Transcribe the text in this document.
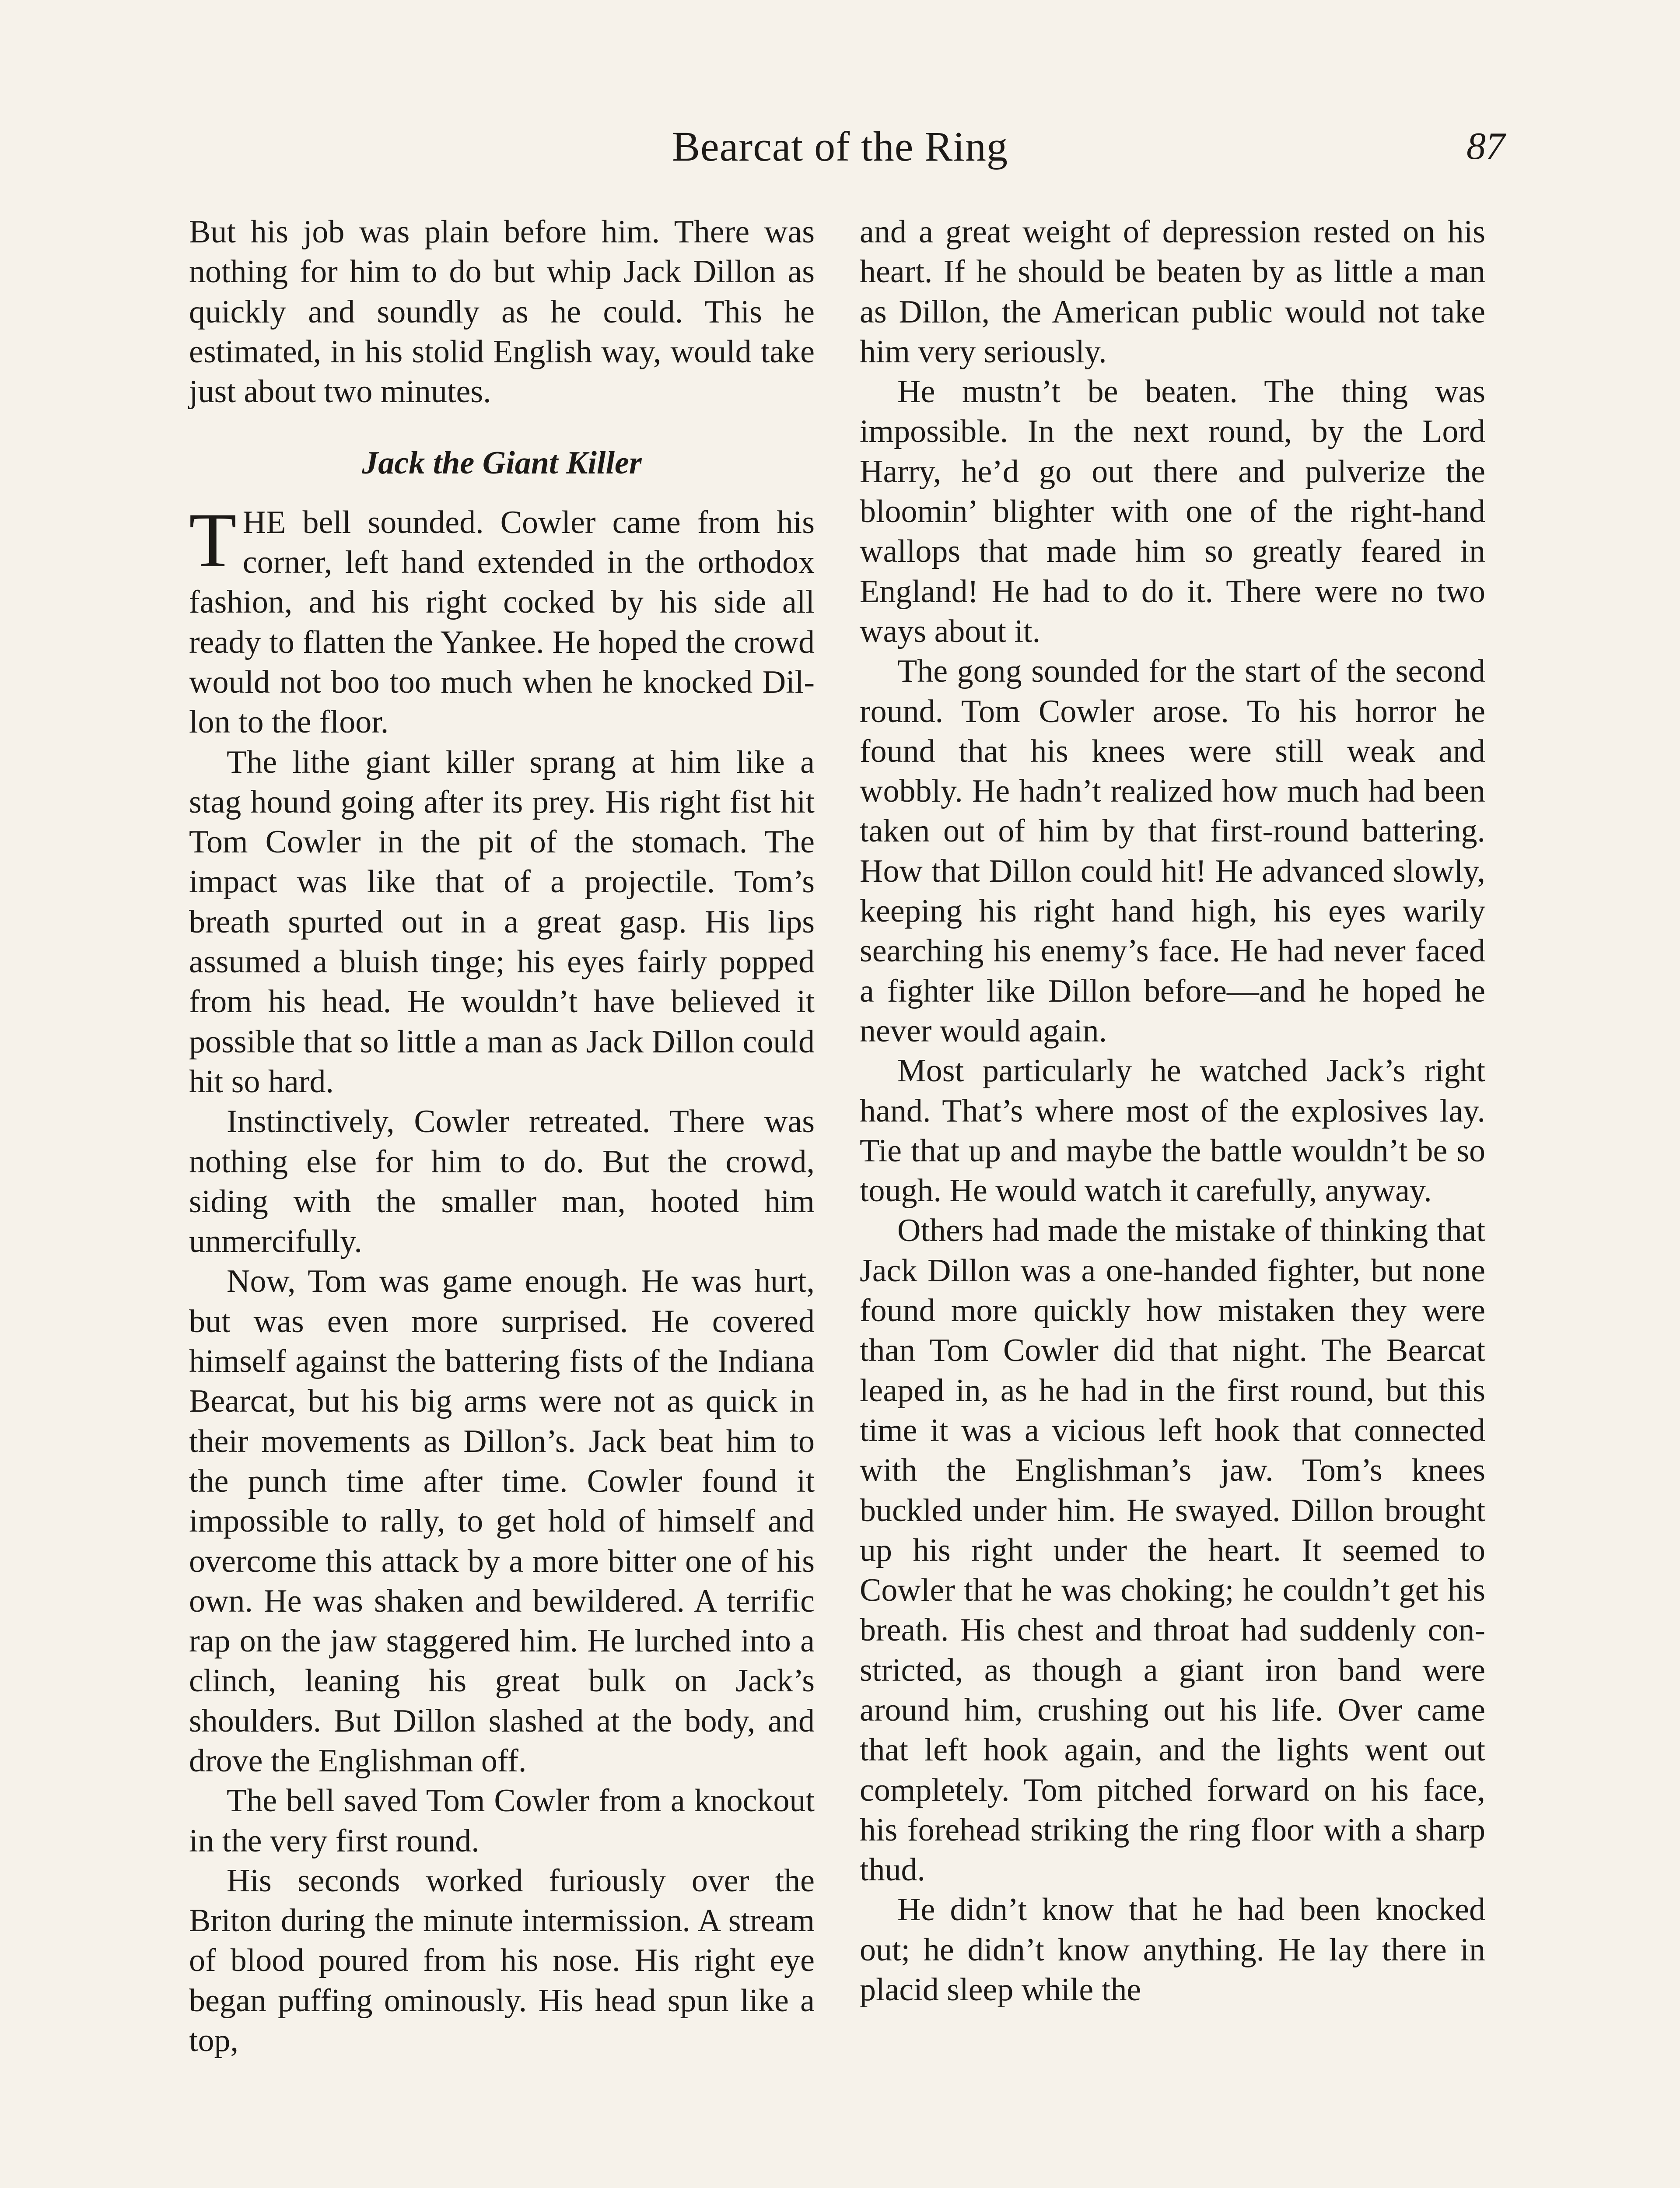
Bearcat of the Ring	87

But his job was plain before him. There was nothing for him to do but whip Jack Dillon as quickly and soundly as he could. This he estimated, in his stolid English way, would take just about two minutes.

Jack the Giant Killer

THE bell sounded. Cowler came from his corner, left hand extended in the orthodox fashion, and his right cocked by his side all ready to flatten the Yankee. He hoped the crowd would not boo too much when he knocked Dillon to the floor.

The lithe giant killer sprang at him like a stag hound going after its prey. His right fist hit Tom Cowler in the pit of the stomach. The impact was like that of a projectile. Tom’s breath spurted out in a great gasp. His lips assumed a bluish tinge; his eyes fairly popped from his head. He wouldn’t have believed it possible that so little a man as Jack Dillon could hit so hard.

Instinctively, Cowler retreated. There was nothing else for him to do. But the crowd, siding with the smaller man, hooted him unmercifully.

Now, Tom was game enough. He was hurt, but was even more surprised. He covered himself against the battering fists of the Indiana Bearcat, but his big arms were not as quick in their movements as Dillon’s. Jack beat him to the punch time after time. Cowler found it impossible to rally, to get hold of himself and overcome this attack by a more bitter one of his own. He was shaken and bewildered. A terrific rap on the jaw staggered him. He lurched into a clinch, leaning his great bulk on Jack’s shoulders. But Dillon slashed at the body, and drove the Englishman off.

The bell saved Tom Cowler from a knockout in the very first round.

His seconds worked furiously over the Briton during the minute intermission. A stream of blood poured from his nose. His right eye began puffing ominously. His head spun like a top,

and a great weight of depression rested on his heart. If he should be beaten by as little a man as Dillon, the American public would not take him very seriously.

He mustn’t be beaten. The thing was impossible. In the next round, by the Lord Harry, he’d go out there and pulverize the bloomin’ blighter with one of the right-hand wallops that made him so greatly feared in England! He had to do it. There were no two ways about it.

The gong sounded for the start of the second round. Tom Cowler arose. To his horror he found that his knees were still weak and wobbly. He hadn’t realized how much had been taken out of him by that first-round battering. How that Dillon could hit! He advanced slowly, keeping his right hand high, his eyes warily searching his enemy’s face. He had never faced a fighter like Dillon before—and he hoped he never would again.

Most particularly he watched Jack’s right hand. That’s where most of the explosives lay. Tie that up and maybe the battle wouldn’t be so tough. He would watch it carefully, anyway.

Others had made the mistake of thinking that Jack Dillon was a one-handed fighter, but none found more quickly how mistaken they were than Tom Cowler did that night. The Bearcat leaped in, as he had in the first round, but this time it was a vicious left hook that connected with the Englishman’s jaw. Tom’s knees buckled under him. He swayed. Dillon brought up his right under the heart. It seemed to Cowler that he was choking; he couldn’t get his breath. His chest and throat had suddenly constricted, as though a giant iron band were around him, crushing out his life. Over came that left hook again, and the lights went out completely. Tom pitched forward on his face, his forehead striking the ring floor with a sharp thud.

He didn’t know that he had been knocked out; he didn’t know anything. He lay there in placid sleep while the
